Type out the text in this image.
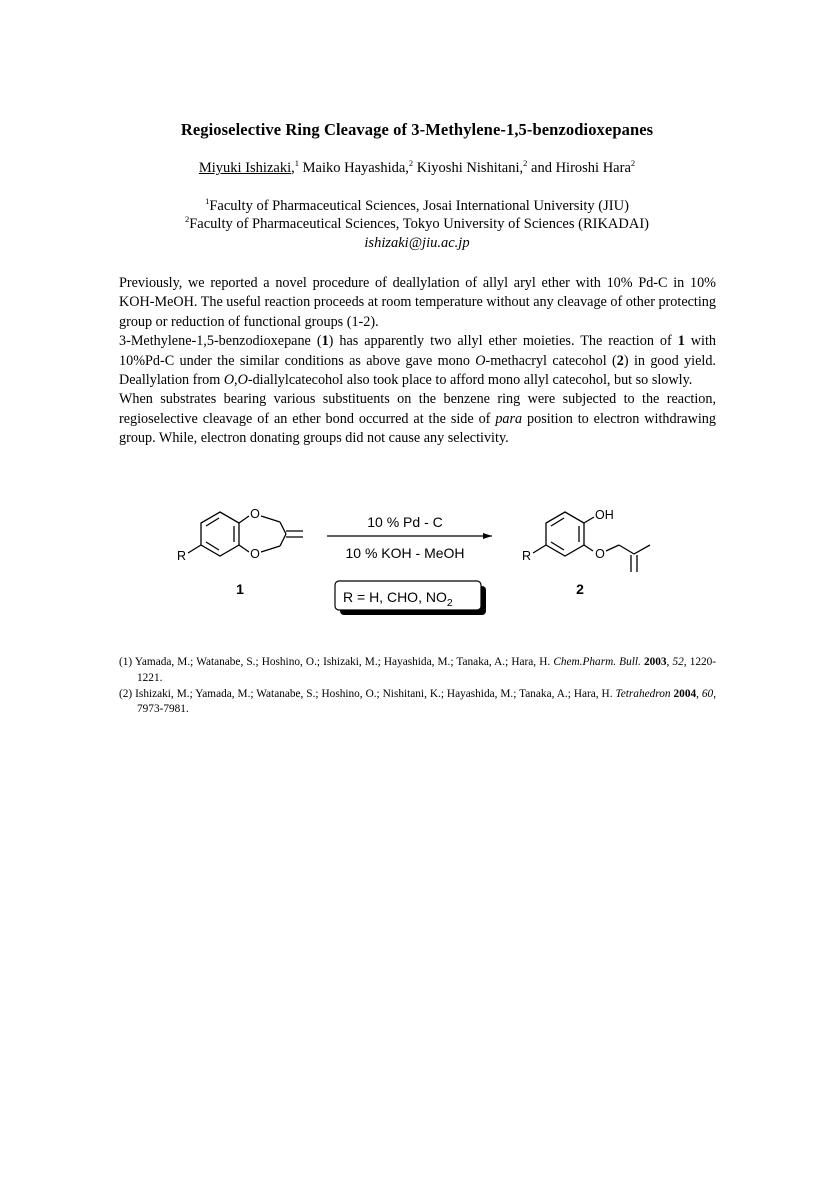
Regioselective Ring Cleavage of 3-Methylene-1,5-benzodioxepanes
Miyuki Ishizaki,$^1$ Maiko Hayashida,$^2$ Kiyoshi Nishitani,$^2$ and Hiroshi Hara$^2$
$^1$Faculty of Pharmaceutical Sciences, Josai International University (JIU)
$^2$Faculty of Pharmaceutical Sciences, Tokyo University of Sciences (RIKADAI)
ishizaki@jiu.ac.jp

Previously, we reported a novel procedure of deallylation of allyl aryl ether with 10% Pd-C in 10% KOH-MeOH. The useful reaction proceeds at room temperature without any cleavage of other protecting group or reduction of functional groups (1-2).

3-Methylene-1,5-benzodioxepane (1) has apparently two allyl ether moieties. The reaction of 1 with 10%Pd-C under the similar conditions as above gave mono O-methacryl catecohol (2) in good yield. Deallylation from O,O-diallylcatecohol also took place to afford mono allyl catecohol, but so slowly.

When substrates bearing various substituents on the benzene ring were subjected to the reaction, regioselective cleavage of an ether bond occurred at the side of para position to electron withdrawing group. While, electron donating groups did not cause any selectivity.

O
O
R
1
10 % Pd - C
10 % KOH - MeOH
R = H, CHO, $NO_2$
OH
O
R
2

(1) Yamada, M.; Watanabe, S.; Hoshino, O.; Ishizaki, M.; Hayashida, M.; Tanaka, A.; Hara, H. Chem.Pharm. Bull. 2003, 52, 1220-1221.

(2) Ishizaki, M.; Yamada, M.; Watanabe, S.; Hoshino, O.; Nishitani, K.; Hayashida, M.; Tanaka, A.; Hara, H. Tetrahedron 2004, 60, 7973-7981.
